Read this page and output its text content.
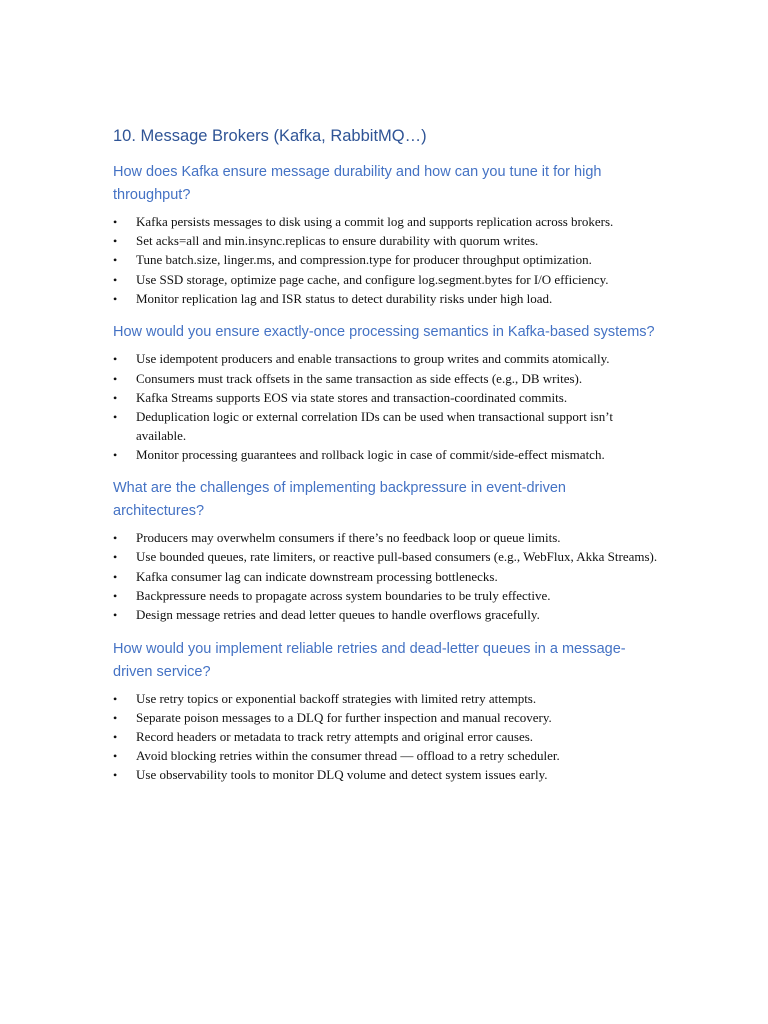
10. Message Brokers (Kafka, RabbitMQ…)
How does Kafka ensure message durability and how can you tune it for high throughput?
• Kafka persists messages to disk using a commit log and supports replication across brokers.
• Set acks=all and min.insync.replicas to ensure durability with quorum writes.
• Tune batch.size, linger.ms, and compression.type for producer throughput optimization.
• Use SSD storage, optimize page cache, and configure log.segment.bytes for I/O efficiency.
• Monitor replication lag and ISR status to detect durability risks under high load.
How would you ensure exactly-once processing semantics in Kafka-based systems?
• Use idempotent producers and enable transactions to group writes and commits atomically.
• Consumers must track offsets in the same transaction as side effects (e.g., DB writes).
• Kafka Streams supports EOS via state stores and transaction-coordinated commits.
• Deduplication logic or external correlation IDs can be used when transactional support isn’t available.
• Monitor processing guarantees and rollback logic in case of commit/side-effect mismatch.
What are the challenges of implementing backpressure in event-driven architectures?
• Producers may overwhelm consumers if there’s no feedback loop or queue limits.
• Use bounded queues, rate limiters, or reactive pull-based consumers (e.g., WebFlux, Akka Streams).
• Kafka consumer lag can indicate downstream processing bottlenecks.
• Backpressure needs to propagate across system boundaries to be truly effective.
• Design message retries and dead letter queues to handle overflows gracefully.
How would you implement reliable retries and dead-letter queues in a message-driven service?
• Use retry topics or exponential backoff strategies with limited retry attempts.
• Separate poison messages to a DLQ for further inspection and manual recovery.
• Record headers or metadata to track retry attempts and original error causes.
• Avoid blocking retries within the consumer thread — offload to a retry scheduler.
• Use observability tools to monitor DLQ volume and detect system issues early.
